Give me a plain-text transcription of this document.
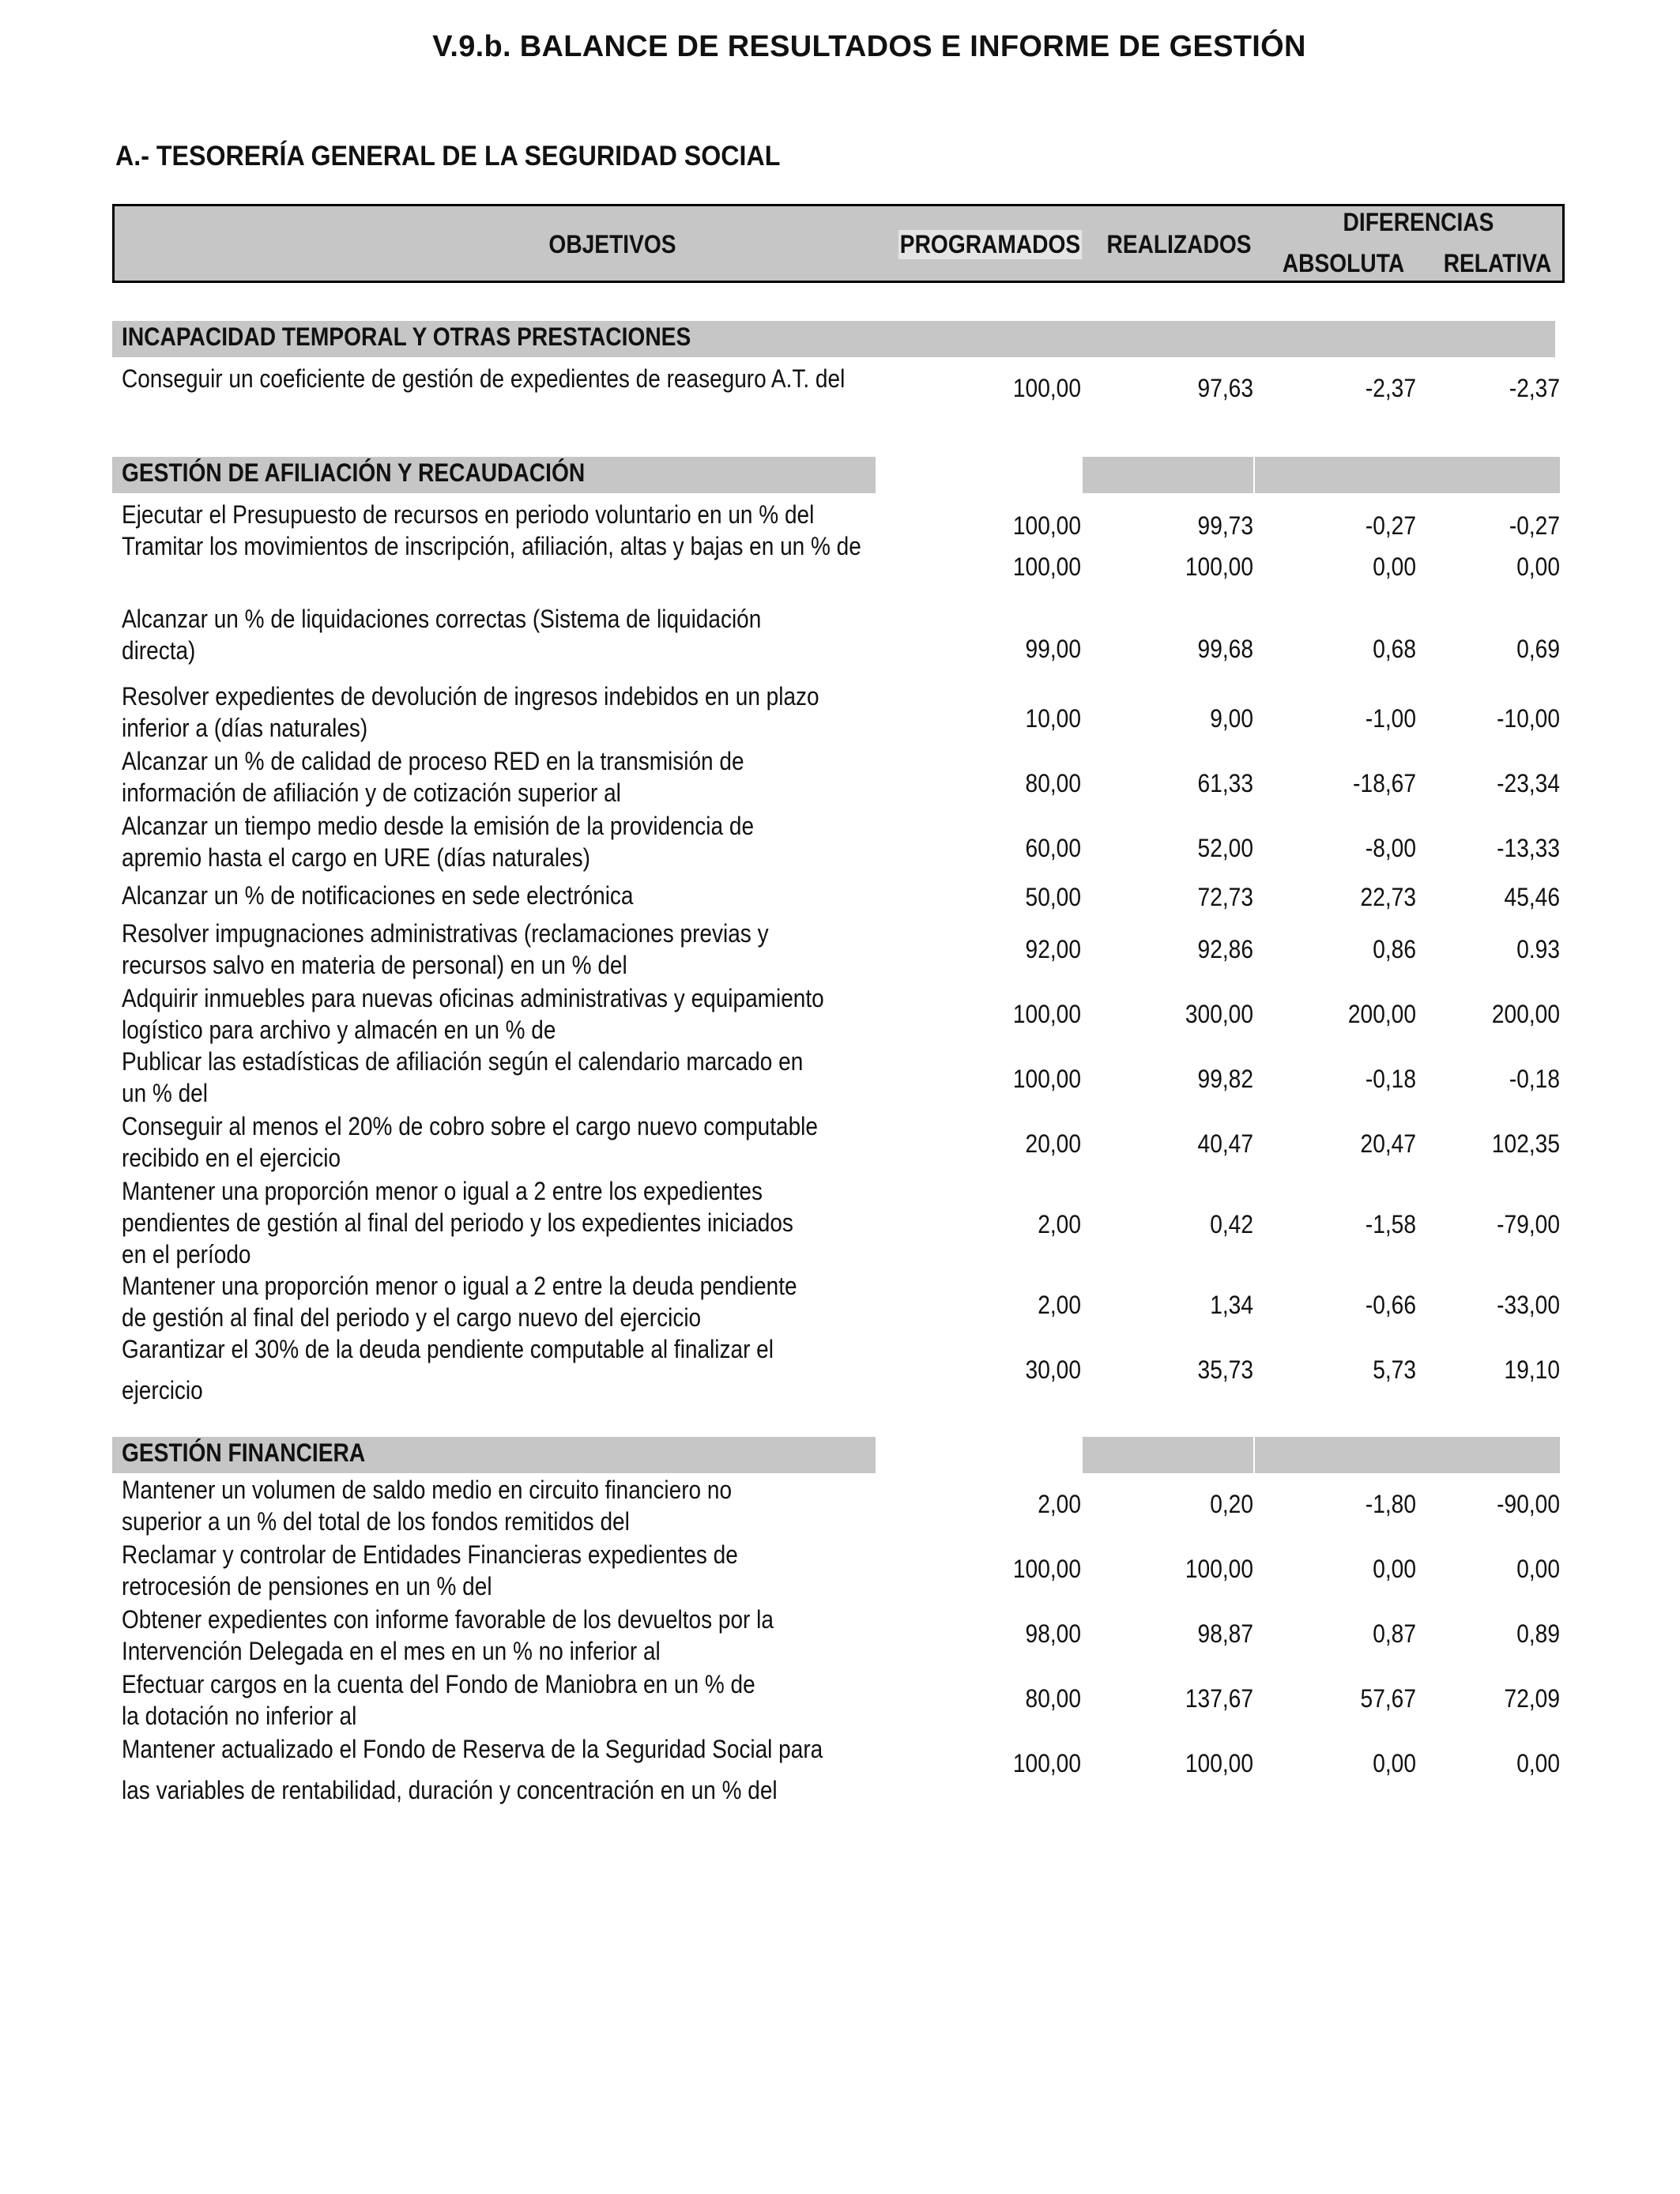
V.9.b. BALANCE DE RESULTADOS E INFORME DE GESTIÓN
A.- TESORERÍA GENERAL DE LA SEGURIDAD SOCIAL
OBJETIVOS	PROGRAMADOS	REALIZADOS
DIFERENCIAS
ABSOLUTA	RELATIVA
INCAPACIDAD TEMPORAL Y OTRAS PRESTACIONES
Conseguir un coeficiente de gestión de expedientes de reaseguro A.T. del	100,00	97,63	-2,37	-2,37
GESTIÓN DE AFILIACIÓN Y RECAUDACIÓN
Ejecutar el Presupuesto de recursos en periodo voluntario en un % del	100,00	99,73	-0,27	-0,27
Tramitar los movimientos de inscripción, afiliación, altas y bajas en un % de
100,00	100,00	0,00	0,00
Alcanzar un % de liquidaciones correctas (Sistema de liquidación
directa)	99,00	99,68	0,68	0,69
Resolver expedientes de devolución de ingresos indebidos en un plazo
inferior a (días naturales)	10,00	9,00	-1,00	-10,00
Alcanzar un % de calidad de proceso RED en la transmisión de
información de afiliación y de cotización superior al	80,00	61,33	-18,67	-23,34
Alcanzar un tiempo medio desde la emisión de la providencia de
apremio hasta el cargo en URE (días naturales)	60,00	52,00	-8,00	-13,33
Alcanzar un % de notificaciones en sede electrónica	50,00	72,73	22,73	45,46
Resolver impugnaciones administrativas (reclamaciones previas y
recursos salvo en materia de personal) en un % del
92,00	92,86	0,86	0.93
Adquirir inmuebles para nuevas oficinas administrativas y equipamiento
logístico para archivo y almacén en un % de
100,00	300,00	200,00	200,00
Publicar las estadísticas de afiliación según el calendario marcado en
un % del	100,00	99,82	-0,18	-0,18
Conseguir al menos el 20% de cobro sobre el cargo nuevo computable
recibido en el ejercicio	20,00	40,47	20,47	102,35
Mantener una proporción menor o igual a 2 entre los expedientes
pendientes de gestión al final del periodo y los expedientes iniciados
en el período
2,00	0,42	-1,58	-79,00
Mantener una proporción menor o igual a 2 entre la deuda pendiente
de gestión al final del periodo y el cargo nuevo del ejercicio	2,00	1,34	-0,66	-33,00
Garantizar el 30% de la deuda pendiente computable al finalizar el
ejercicio
30,00	35,73	5,73	19,10
GESTIÓN FINANCIERA
Mantener un volumen de saldo medio en circuito financiero no
superior a un % del total de los fondos remitidos del
2,00	0,20	-1,80	-90,00
Reclamar y controlar de Entidades Financieras expedientes de
retrocesión de pensiones en un % del
100,00	100,00	0,00	0,00
Obtener expedientes con informe favorable de los devueltos por la
Intervención Delegada en el mes en un % no inferior al
98,00	98,87	0,87	0,89
Efectuar cargos en la cuenta del Fondo de Maniobra en un % de
la dotación no inferior al
80,00	137,67	57,67	72,09
Mantener actualizado el Fondo de Reserva de la Seguridad Social para
las variables de rentabilidad, duración y concentración en un % del
100,00	100,00	0,00	0,00
